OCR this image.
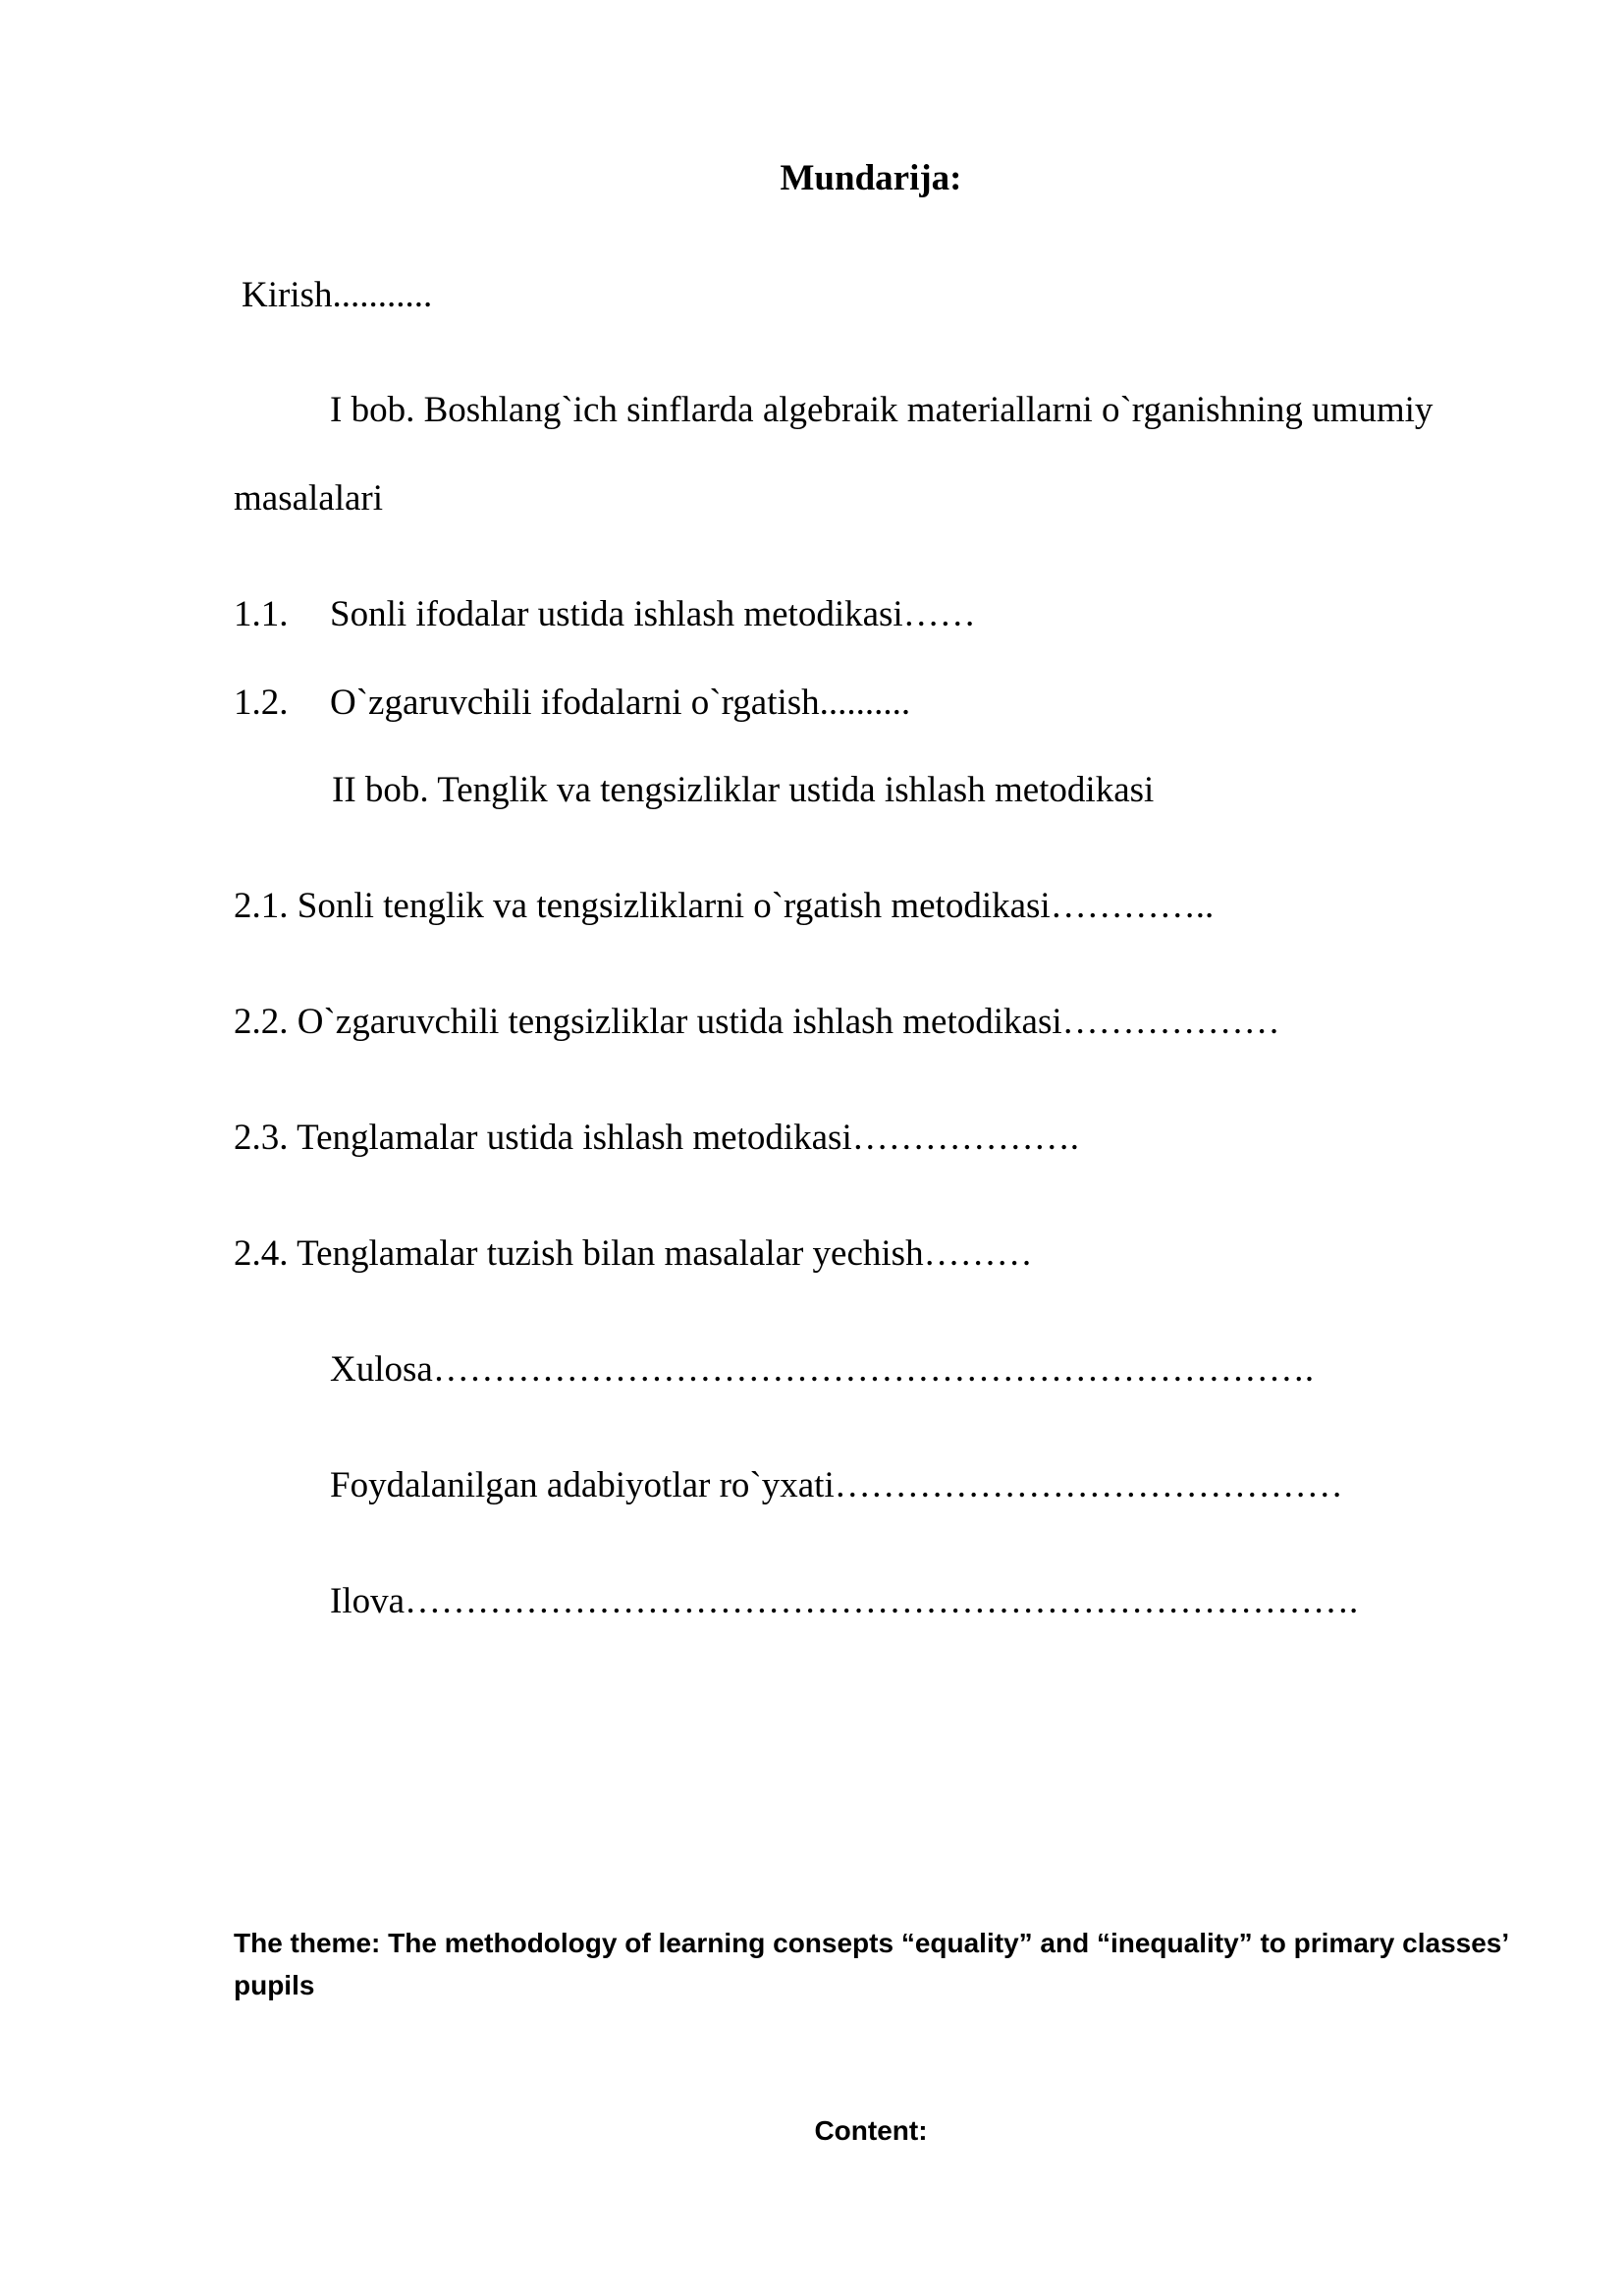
Mundarija:
Kirish...........
I bob. Boshlang`ich sinflarda algebraik materiallarni o`rganishning umumiy
masalalari
1.1. Sonli ifodalar ustida ishlash metodikasi……
1.2. O`zgaruvchili ifodalarni o`rgatish..........
II bob. Tenglik va tengsizliklar ustida ishlash metodikasi
2.1. Sonli tenglik va tengsizliklarni o`rgatish metodikasi…………..
2.2. O`zgaruvchili tengsizliklar ustida ishlash metodikasi………………
2.3. Tenglamalar ustida ishlash metodikasi……………….
2.4. Tenglamalar tuzish bilan masalalar yechish………
Xulosa……………………………………………………………….
Foydalanilgan adabiyotlar ro`yxati……………………………………
Ilova…………………………………………………………………….
The theme: The methodology of learning consepts “equality” and “inequality” to primary classes’ pupils
Content:
